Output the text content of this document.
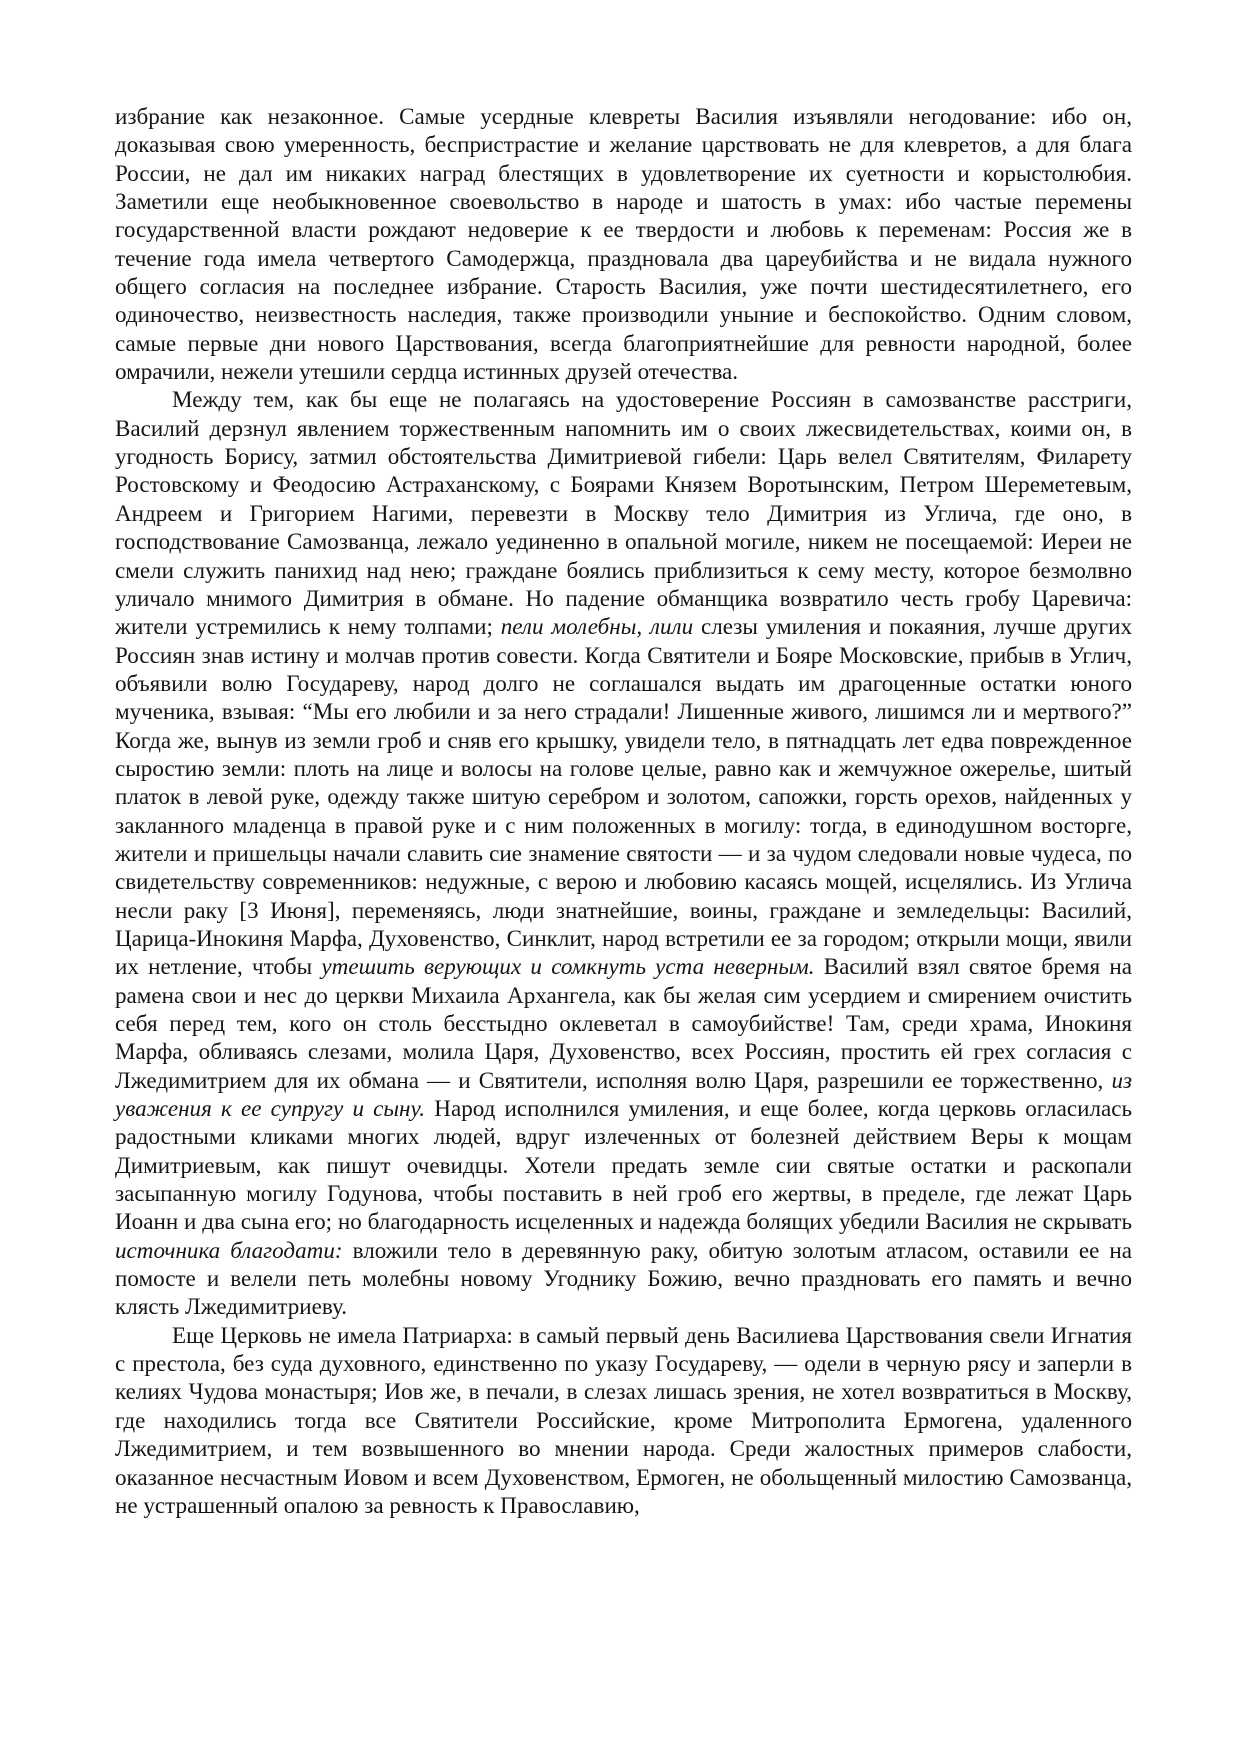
избрание как незаконное. Самые усердные клевреты Василия изъявляли негодование: ибо он, доказывая свою умеренность, беспристрастие и желание царствовать не для клевретов, а для блага России, не дал им никаких наград блестящих в удовлетворение их суетности и корыстолюбия. Заметили еще необыкновенное своевольство в народе и шатость в умах: ибо частые перемены государственной власти рождают недоверие к ее твердости и любовь к переменам: Россия же в течение года имела четвертого Самодержца, праздновала два цареубийства и не видала нужного общего согласия на последнее избрание. Старость Василия, уже почти шестидесятилетнего, его одиночество, неизвестность наследия, также производили уныние и беспокойство. Одним словом, самые первые дни нового Царствования, всегда благоприятнейшие для ревности народной, более омрачили, нежели утешили сердца истинных друзей отечества.

Между тем, как бы еще не полагаясь на удостоверение Россиян в самозванстве расстриги, Василий дерзнул явлением торжественным напомнить им о своих лжесвидетельствах, коими он, в угодность Борису, затмил обстоятельства Димитриевой гибели: Царь велел Святителям, Филарету Ростовскому и Феодосию Астраханскому, с Боярами Князем Воротынским, Петром Шереметевым, Андреем и Григорием Нагими, перевезти в Москву тело Димитрия из Углича, где оно, в господствование Самозванца, лежало уединенно в опальной могиле, никем не посещаемой: Иереи не смели служить панихид над нею; граждане боялись приблизиться к сему месту, которое безмолвно уличало мнимого Димитрия в обмане. Но падение обманщика возвратило честь гробу Царевича: жители устремились к нему толпами; пели молебны, лили слезы умиления и покаяния, лучше других Россиян знав истину и молчав против совести. Когда Святители и Бояре Московские, прибыв в Углич, объявили волю Государеву, народ долго не соглашался выдать им драгоценные остатки юного мученика, взывая: “Мы его любили и за него страдали! Лишенные живого, лишимся ли и мертвого?” Когда же, вынув из земли гроб и сняв его крышку, увидели тело, в пятнадцать лет едва поврежденное сыростию земли: плоть на лице и волосы на голове целые, равно как и жемчужное ожерелье, шитый платок в левой руке, одежду также шитую серебром и золотом, сапожки, горсть орехов, найденных у закланного младенца в правой руке и с ним положенных в могилу: тогда, в единодушном восторге, жители и пришельцы начали славить сие знамение святости — и за чудом следовали новые чудеса, по свидетельству современников: недужные, с верою и любовию касаясь мощей, исцелялись. Из Углича несли раку [3 Июня], переменяясь, люди знатнейшие, воины, граждане и земледельцы: Василий, Царица-Инокиня Марфа, Духовенство, Синклит, народ встретили ее за городом; открыли мощи, явили их нетление, чтобы утешить верующих и сомкнуть уста неверным. Василий взял святое бремя на рамена свои и нес до церкви Михаила Архангела, как бы желая сим усердием и смирением очистить себя перед тем, кого он столь бесстыдно оклеветал в самоубийстве! Там, среди храма, Инокиня Марфа, обливаясь слезами, молила Царя, Духовенство, всех Россиян, простить ей грех согласия с Лжедимитрием для их обмана — и Святители, исполняя волю Царя, разрешили ее торжественно, из уважения к ее супругу и сыну. Народ исполнился умиления, и еще более, когда церковь огласилась радостными кликами многих людей, вдруг излеченных от болезней действием Веры к мощам Димитриевым, как пишут очевидцы. Хотели предать земле сии святые остатки и раскопали засыпанную могилу Годунова, чтобы поставить в ней гроб его жертвы, в пределе, где лежат Царь Иоанн и два сына его; но благодарность исцеленных и надежда болящих убедили Василия не скрывать источника благодати: вложили тело в деревянную раку, обитую золотым атласом, оставили ее на помосте и велели петь молебны новому Угоднику Божию, вечно праздновать его память и вечно клясть Лжедимитриеву.

Еще Церковь не имела Патриарха: в самый первый день Василиева Царствования свели Игнатия с престола, без суда духовного, единственно по указу Государеву, — одели в черную рясу и заперли в келиях Чудова монастыря; Иов же, в печали, в слезах лишась зрения, не хотел возвратиться в Москву, где находились тогда все Святители Российские, кроме Митрополита Ермогена, удаленного Лжедимитрием, и тем возвышенного во мнении народа. Среди жалостных примеров слабости, оказанное несчастным Иовом и всем Духовенством, Ермоген, не обольщенный милостию Самозванца, не устрашенный опалою за ревность к Православию,
